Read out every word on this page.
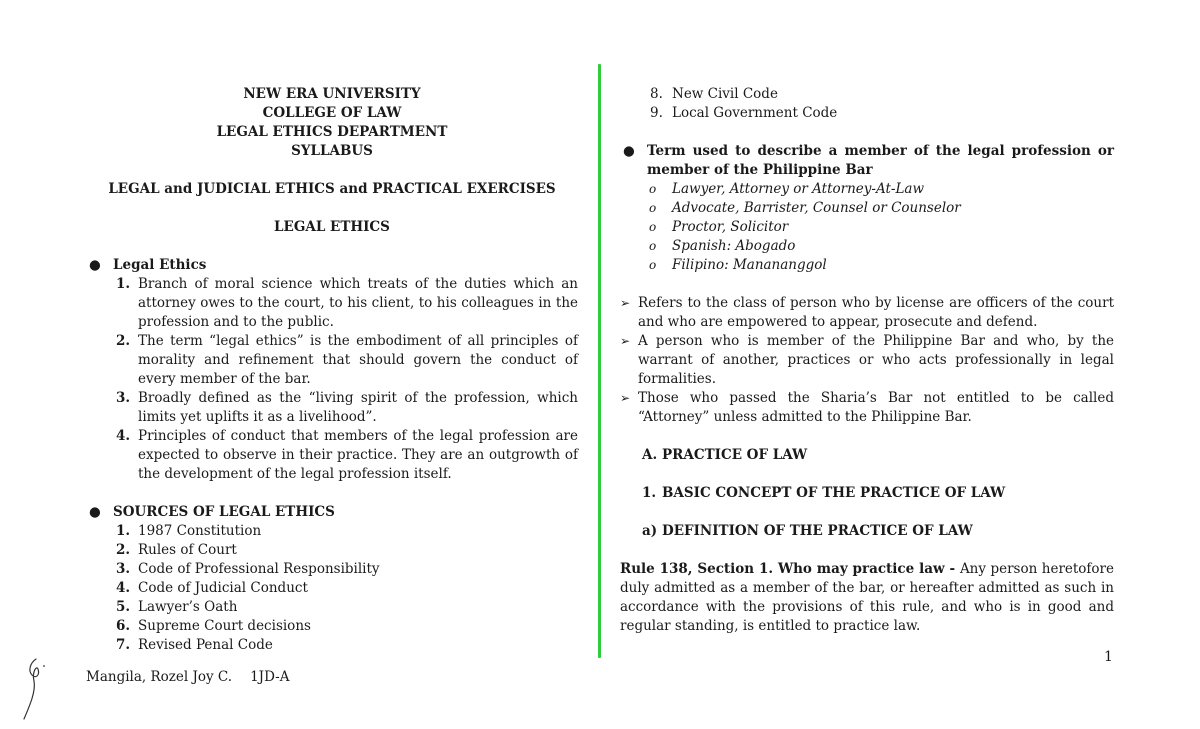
NEW ERA UNIVERSITY
COLLEGE OF LAW
LEGAL ETHICS DEPARTMENT
SYLLABUS
LEGAL and JUDICIAL ETHICS and PRACTICAL EXERCISES
LEGAL ETHICS
● Legal Ethics
1. Branch of moral science which treats of the duties which an attorney owes to the court, to his client, to his colleagues in the profession and to the public.
2. The term “legal ethics” is the embodiment of all principles of morality and refinement that should govern the conduct of every member of the bar.
3. Broadly defined as the “living spirit of the profession, which limits yet uplifts it as a livelihood”.
4. Principles of conduct that members of the legal profession are expected to observe in their practice. They are an outgrowth of the development of the legal profession itself.
● SOURCES OF LEGAL ETHICS
1. 1987 Constitution
2. Rules of Court
3. Code of Professional Responsibility
4. Code of Judicial Conduct
5. Lawyer’s Oath
6. Supreme Court decisions
7. Revised Penal Code
8. New Civil Code
9. Local Government Code
● Term used to describe a member of the legal profession or member of the Philippine Bar
o Lawyer, Attorney or Attorney-At-Law
o Advocate, Barrister, Counsel or Counselor
o Proctor, Solicitor
o Spanish: Abogado
o Filipino: Manananggol
➢ Refers to the class of person who by license are officers of the court and who are empowered to appear, prosecute and defend.
➢ A person who is member of the Philippine Bar and who, by the warrant of another, practices or who acts professionally in legal formalities.
➢ Those who passed the Sharia’s Bar not entitled to be called “Attorney” unless admitted to the Philippine Bar.
A. PRACTICE OF LAW
1. BASIC CONCEPT OF THE PRACTICE OF LAW
a) DEFINITION OF THE PRACTICE OF LAW
Rule 138, Section 1. Who may practice law - Any person heretofore duly admitted as a member of the bar, or hereafter admitted as such in accordance with the provisions of this rule, and who is in good and regular standing, is entitled to practice law.
1
Mangila, Rozel Joy C. 1JD-A
